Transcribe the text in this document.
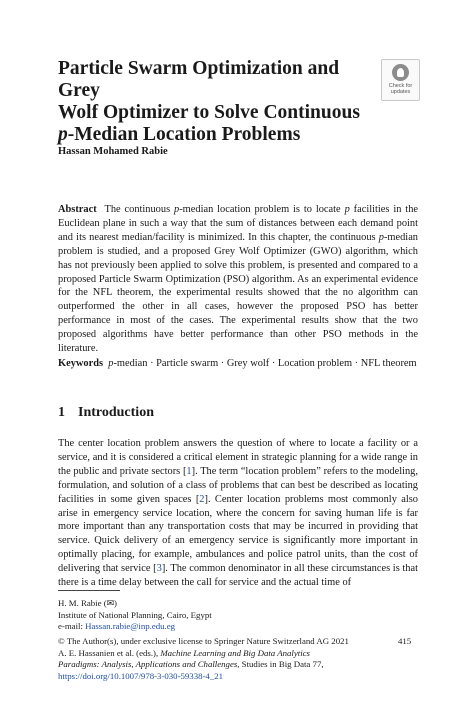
Particle Swarm Optimization and Grey
Wolf Optimizer to Solve Continuous
p-Median Location Problems
Check for updates
Hassan Mohamed Rabie

Abstract The continuous p-median location problem is to locate p facilities in the Euclidean plane in such a way that the sum of distances between each demand point and its nearest median/facility is minimized. In this chapter, the continuous p-median problem is studied, and a proposed Grey Wolf Optimizer (GWO) algorithm, which has not previously been applied to solve this problem, is presented and compared to a proposed Particle Swarm Optimization (PSO) algorithm. As an experimental evidence for the NFL theorem, the experimental results showed that the no algorithm can outperformed the other in all cases, however the proposed PSO has better performance in most of the cases. The experimental results show that the two proposed algorithms have better performance than other PSO methods in the literature.

Keywords p-median · Particle swarm · Grey wolf · Location problem · NFL theorem

1 Introduction

The center location problem answers the question of where to locate a facility or a service, and it is considered a critical element in strategic planning for a wide range in the public and private sectors [1]. The term “location problem” refers to the modeling, formulation, and solution of a class of problems that can best be described as locating facilities in some given spaces [2]. Center location problems most commonly also arise in emergency service location, where the concern for saving human life is far more important than any transportation costs that may be incurred in providing that service. Quick delivery of an emergency service is significantly more important in optimally placing, for example, ambulances and police patrol units, than the cost of delivering that service [3]. The common denominator in all these circumstances is that there is a time delay between the call for service and the actual time of

H. M. Rabie (✉)
Institute of National Planning, Cairo, Egypt
e-mail: Hassan.rabie@inp.edu.eg
© The Author(s), under exclusive license to Springer Nature Switzerland AG 2021
A. E. Hassanien et al. (eds.), Machine Learning and Big Data Analytics
Paradigms: Analysis, Applications and Challenges, Studies in Big Data 77,
https://doi.org/10.1007/978-3-030-59338-4_21
415
